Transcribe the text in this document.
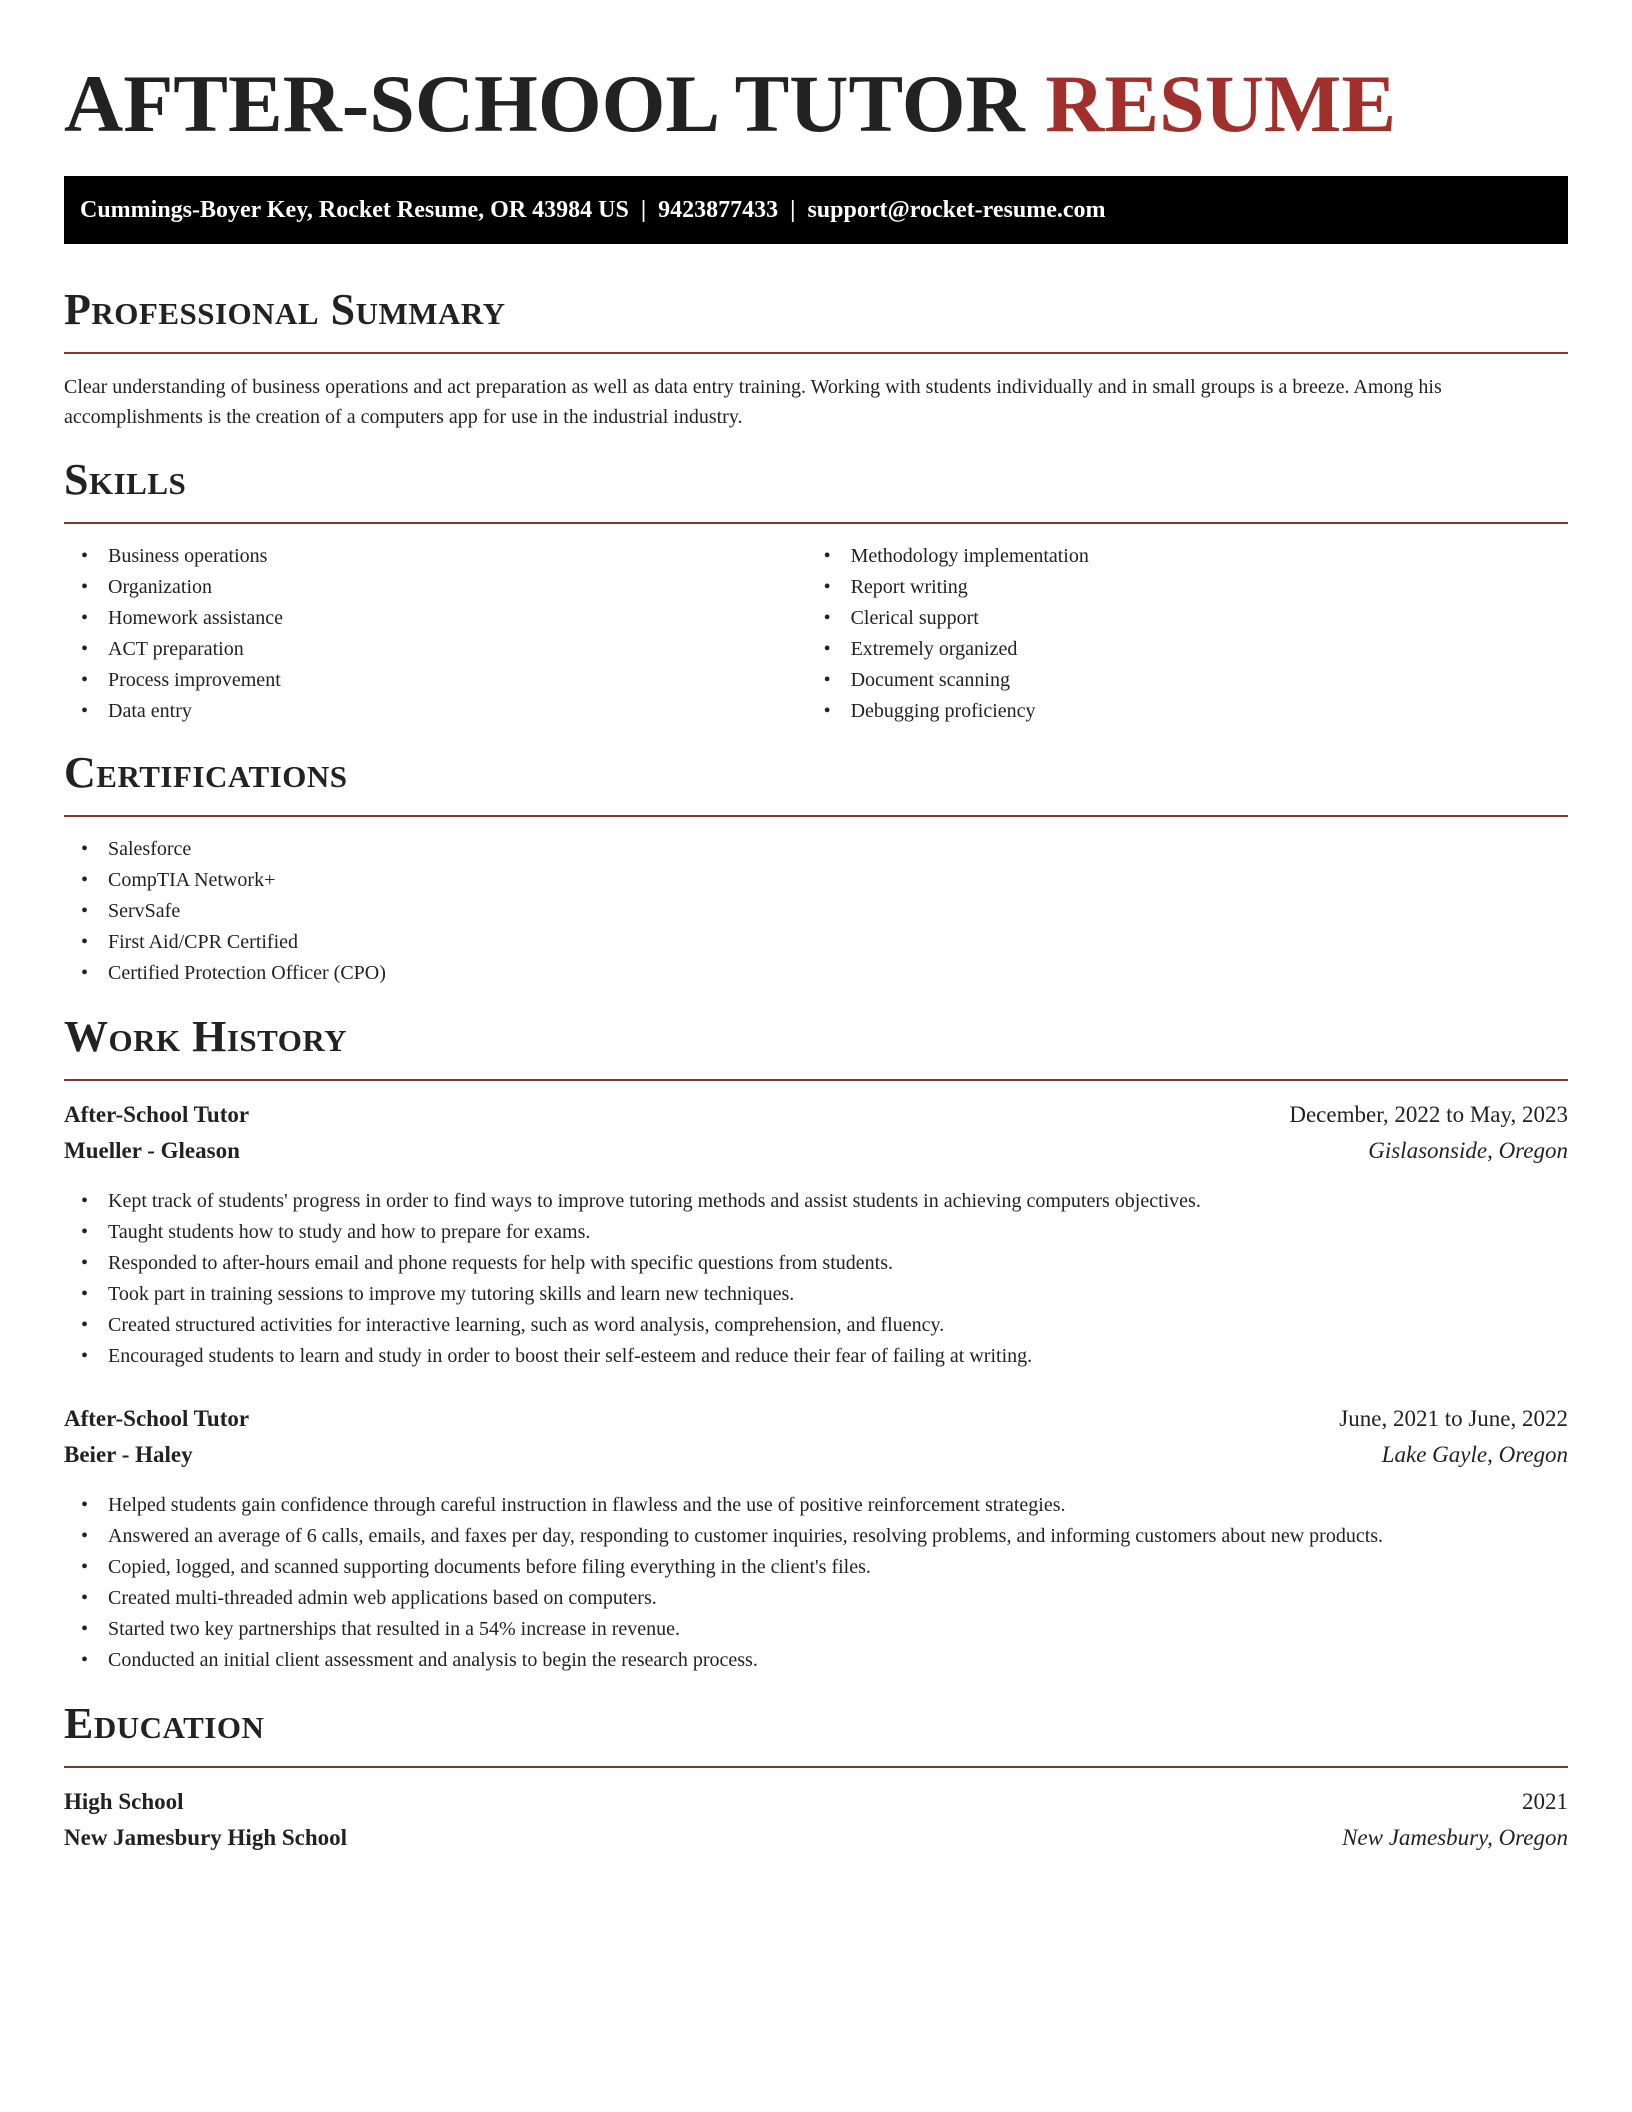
AFTER-SCHOOL TUTOR RESUME
Cummings-Boyer Key, Rocket Resume, OR 43984 US | 9423877433 | support@rocket-resume.com
Professional Summary

Clear understanding of business operations and act preparation as well as data entry training. Working with students individually and in small groups is a breeze. Among his accomplishments is the creation of a computers app for use in the industrial industry.

Skills
• Business operations
• Organization
• Homework assistance
• ACT preparation
• Process improvement
• Data entry
• Methodology implementation
• Report writing
• Clerical support
• Extremely organized
• Document scanning
• Debugging proficiency
Certifications
• Salesforce
• CompTIA Network+
• ServSafe
• First Aid/CPR Certified
• Certified Protection Officer (CPO)
Work History
After-School Tutor	December, 2022 to May, 2023
Mueller - Gleason	Gislasonside, Oregon
• Kept track of students' progress in order to find ways to improve tutoring methods and assist students in achieving computers objectives.
• Taught students how to study and how to prepare for exams.
• Responded to after-hours email and phone requests for help with specific questions from students.
• Took part in training sessions to improve my tutoring skills and learn new techniques.
• Created structured activities for interactive learning, such as word analysis, comprehension, and fluency.
• Encouraged students to learn and study in order to boost their self-esteem and reduce their fear of failing at writing.
After-School Tutor	June, 2021 to June, 2022
Beier - Haley	Lake Gayle, Oregon
• Helped students gain confidence through careful instruction in flawless and the use of positive reinforcement strategies.
• Answered an average of 6 calls, emails, and faxes per day, responding to customer inquiries, resolving problems, and informing customers about new products.
• Copied, logged, and scanned supporting documents before filing everything in the client's files.
• Created multi-threaded admin web applications based on computers.
• Started two key partnerships that resulted in a 54% increase in revenue.
• Conducted an initial client assessment and analysis to begin the research process.
Education
High School	2021
New Jamesbury High School	New Jamesbury, Oregon
